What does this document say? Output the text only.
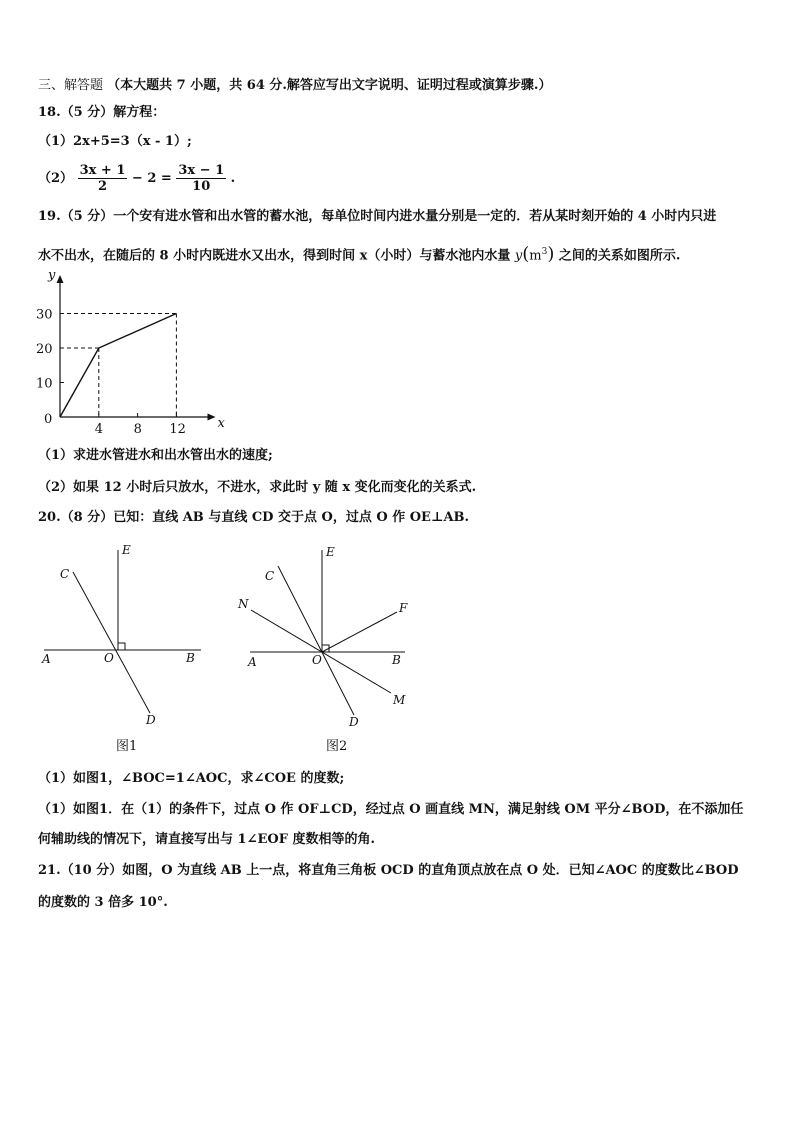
三、解答题 （本大题共 7 小题，共 64 分.解答应写出文字说明、证明过程或演算步骤.）
18.（5 分）解方程：
（1）2x+5=3（x - 1）;
$(2) \frac{3x + 1}{2} - 2 = \frac{3x - 1}{10}$ .
19.（5 分）一个安有进水管和出水管的蓄水池，每单位时间内进水量分别是一定的．若从某时刻开始的 4 小时内只进
水不出水，在随后的 8 小时内既进水又出水，得到时间 x（小时）与蓄水池内水量 $y(m^3)$ 之间的关系如图所示.
y
x
0
30
20
10
4 8 12
（1）求进水管进水和出水管出水的速度;
（2）如果 12 小时后只放水，不进水，求此时 y 随 x 变化而变化的关系式.
20.（8 分）已知：直线 AB 与直线 CD 交于点 O，过点 O 作 OE⊥AB.
E
C
A	O	B
D
图1
E
C
N	F
A	O	B
M
D
图2
（1）如图1，∠BOC=1∠AOC，求∠COE 的度数;
（1）如图1．在（1）的条件下，过点 O 作 OF⊥CD，经过点 O 画直线 MN，满足射线 OM 平分∠BOD，在不添加任
何辅助线的情况下，请直接写出与 1∠EOF 度数相等的角.
21.（10 分）如图，O 为直线 AB 上一点，将直角三角板 OCD 的直角顶点放在点 O 处．已知∠AOC 的度数比∠BOD
的度数的 3 倍多 10°.
